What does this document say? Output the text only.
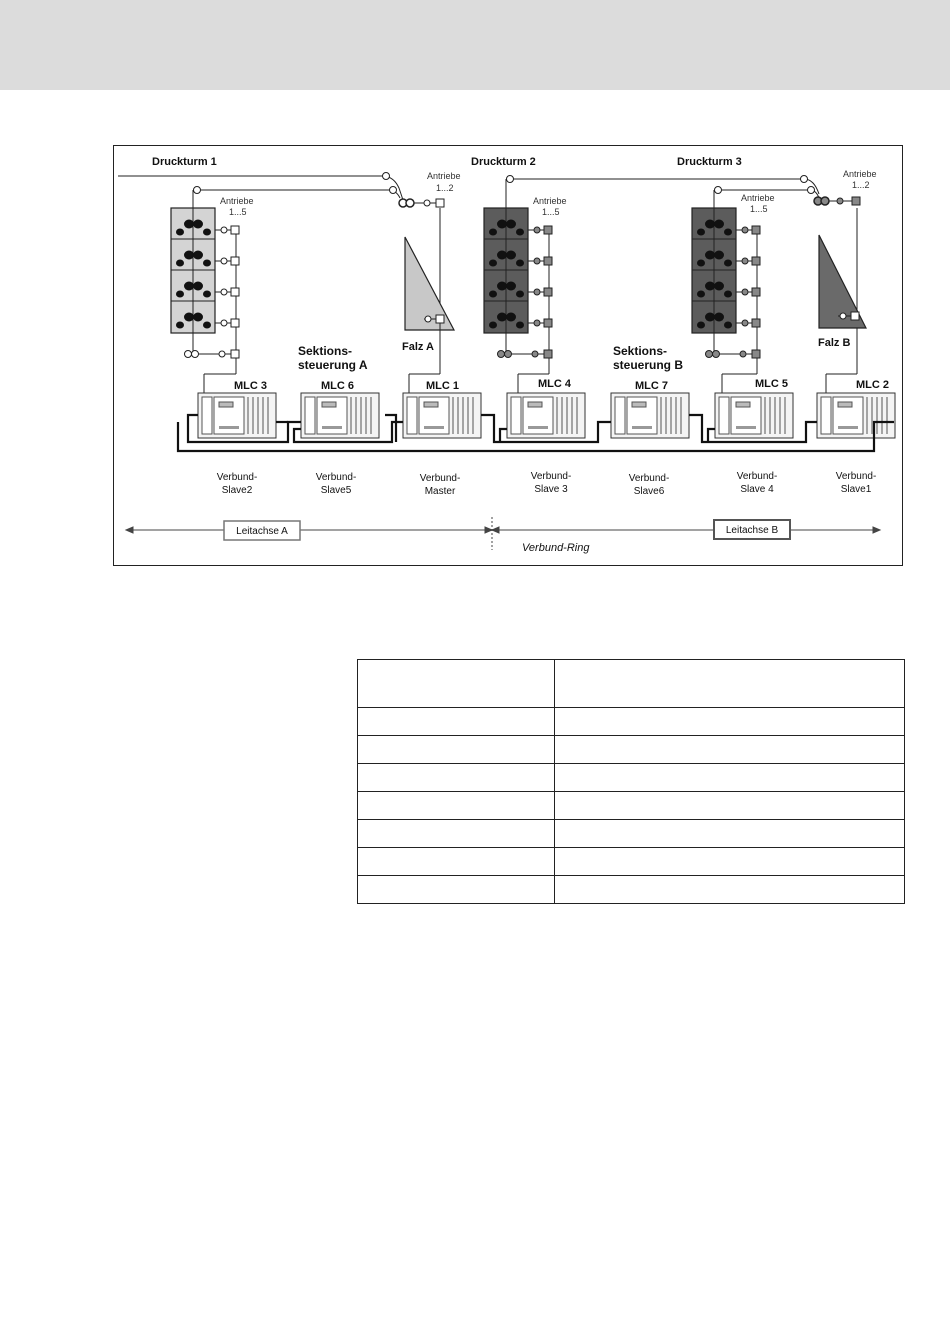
Druckturm 1	Druckturm 2	Druckturm 3
Antriebe
1...5
Antriebe
1...2
Antriebe
1...5
Antriebe
1...5
Antriebe
1...2
Falz A	Falz B
Sektions-
steuerung A
Sektions-
steuerung B
MLC 3	MLC 6	MLC 1	MLC 4	MLC 7	MLC 5	MLC 2
Verbund-
Slave2
Verbund-
Slave5
Verbund-
Master
Verbund-
Slave 3
Verbund-
Slave6
Verbund-
Slave 4
Verbund-
Slave1
Leitachse A	Leitachse B
Verbund-Ring
